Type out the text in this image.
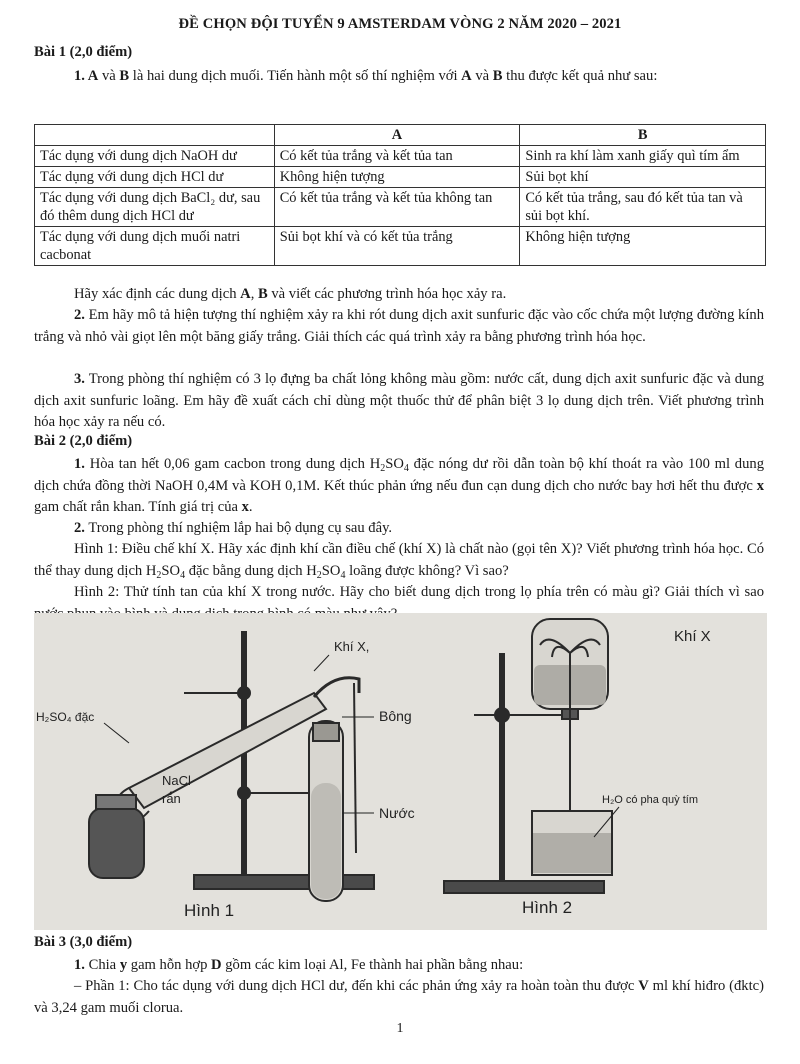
ĐỀ CHỌN ĐỘI TUYỂN 9 AMSTERDAM VÒNG 2 NĂM 2020 – 2021
Bài 1 (2,0 điểm)
1. A và B là hai dung dịch muối. Tiến hành một số thí nghiệm với A và B thu được kết quả như sau:
	A	B
Tác dụng với dung dịch NaOH dư	Có kết tủa trắng và kết tủa tan	Sinh ra khí làm xanh giấy quì tím ẩm
Tác dụng với dung dịch HCl dư	Không hiện tượng	Sủi bọt khí
Tác dụng với dung dịch BaCl₂ dư, sau đó thêm dung dịch HCl dư	Có kết tủa trắng và kết tủa không tan	Có kết tủa trắng, sau đó kết tủa tan và sủi bọt khí.
Tác dụng với dung dịch muối natri cacbonat	Sủi bọt khí và có kết tủa trắng	Không hiện tượng
Hãy xác định các dung dịch A, B và viết các phương trình hóa học xảy ra.
2. Em hãy mô tả hiện tượng thí nghiệm xảy ra khi rót dung dịch axit sunfuric đặc vào cốc chứa một lượng đường kính trắng và nhỏ vài giọt lên một băng giấy trắng. Giải thích các quá trình xảy ra bằng phương trình hóa học.
3. Trong phòng thí nghiệm có 3 lọ đựng ba chất lỏng không màu gồm: nước cất, dung dịch axit sunfuric đặc và dung dịch axit sunfuric loãng. Em hãy đề xuất cách chỉ dùng một thuốc thử để phân biệt 3 lọ dung dịch trên. Viết phương trình hóa học xảy ra nếu có.
Bài 2 (2,0 điểm)
1. Hòa tan hết 0,06 gam cacbon trong dung dịch $H_2SO_4$ đặc nóng dư rồi dẫn toàn bộ khí thoát ra vào 100 ml dung dịch chứa đồng thời NaOH 0,4M và KOH 0,1M. Kết thúc phản ứng nếu đun cạn dung dịch cho nước bay hơi hết thu được x gam chất rắn khan. Tính giá trị của x.
2. Trong phòng thí nghiệm lắp hai bộ dụng cụ sau đây.
Hình 1: Điều chế khí X. Hãy xác định khí cần điều chế (khí X) là chất nào (gọi tên X)? Viết phương trình hóa học. Có thể thay dung dịch $H_2SO_4$ đặc bằng dung dịch $H_2SO_4$ loãng được không? Vì sao?
Hình 2: Thử tính tan của khí X trong nước. Hãy cho biết dung dịch trong lọ phía trên có màu gì? Giải thích vì sao
Khí X,
H₂SO₄ đặc
NaCl
rắn
Bông
Nước
Hình 1
Khí X
H₂O có pha quỳ tím
Hình 2
Bài 3 (3,0 điểm)
1. Chia y gam hỗn hợp D gồm các kim loại Al, Fe thành hai phần bằng nhau:
– Phần 1: Cho tác dụng với dung dịch HCl dư, đến khi các phản ứng xảy ra hoàn toàn thu được V ml khí hiđro (đktc) và 3,24 gam muối clorua.
1
